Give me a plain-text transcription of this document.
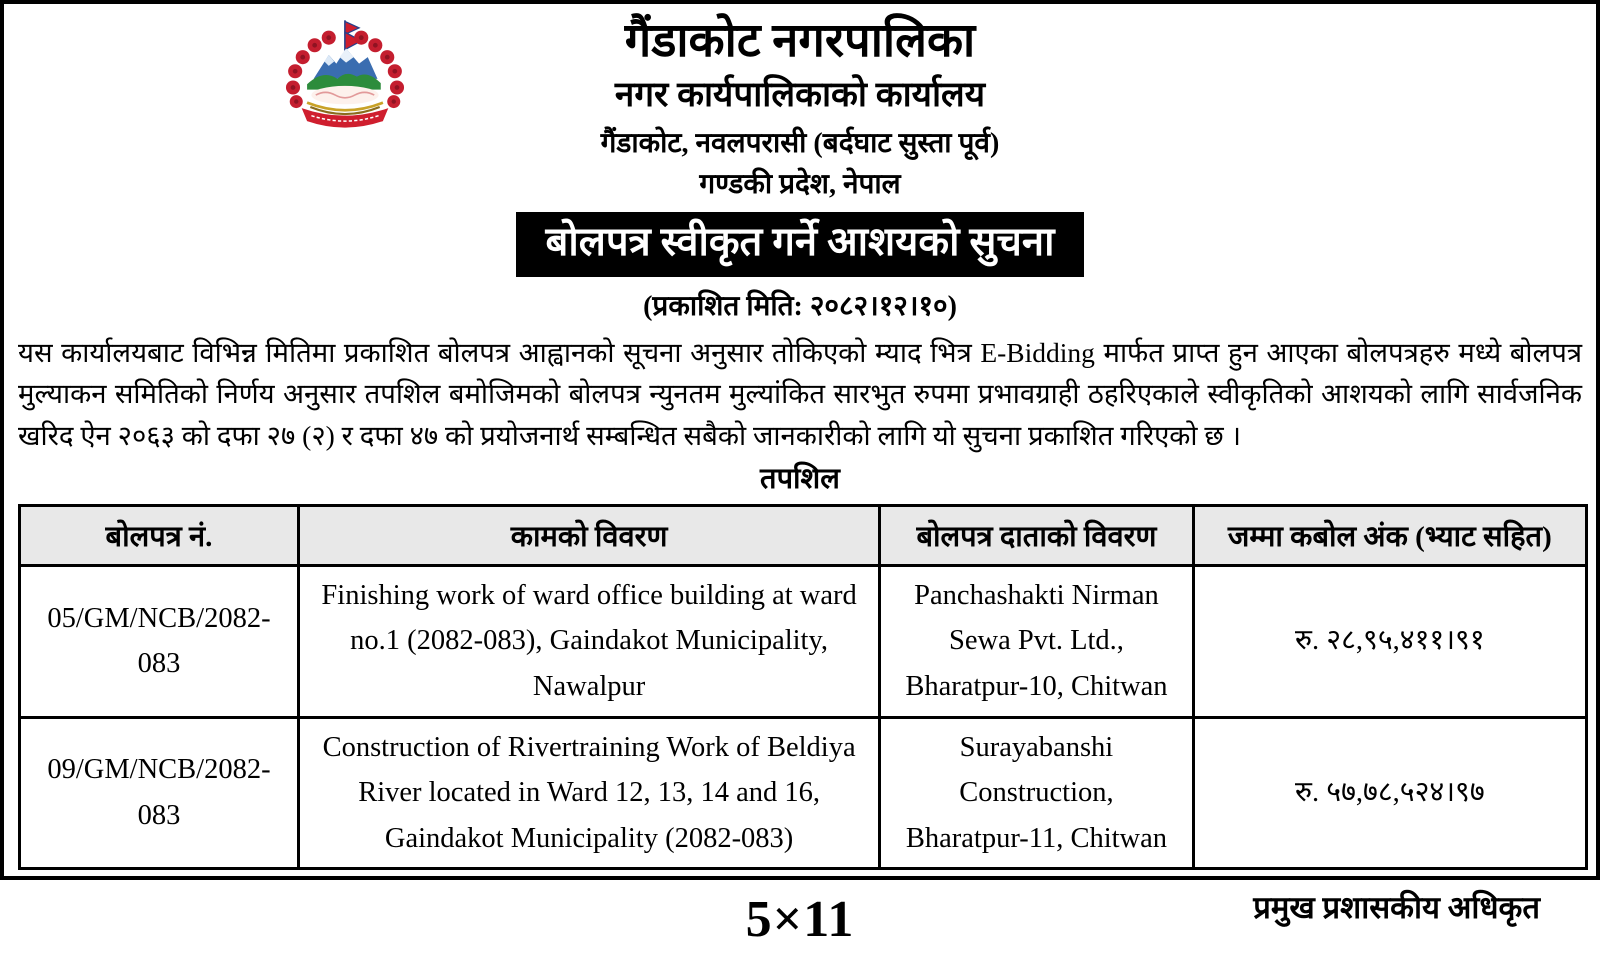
गैंडाकोट नगरपालिका
नगर कार्यपालिकाको कार्यालय
गैंडाकोट, नवलपरासी (बर्दघाट सुस्ता पूर्व)
गण्डकी प्रदेश, नेपाल
बोलपत्र स्वीकृत गर्ने आशयको सुचना
(प्रकाशित मिति: २०८२।१२।१०)

यस कार्यालयबाट विभिन्न मितिमा प्रकाशित बोलपत्र आह्वानको सूचना अनुसार तोकिएको म्याद भित्र E-Bidding मार्फत प्राप्त हुन आएका बोलपत्रहरु मध्ये बोलपत्र मुल्याकन समितिको निर्णय अनुसार तपशिल बमोजिमको बोलपत्र न्युनतम मुल्यांकित सारभुत रुपमा प्रभावग्राही ठहरिएकाले स्वीकृतिको आशयको लागि सार्वजनिक खरिद ऐन २०६३ को दफा २७ (२) र दफा ४७ को प्रयोजनार्थ सम्बन्धित सबैको जानकारीको लागि यो सुचना प्रकाशित गरिएको छ ।

तपशिल
बोलपत्र नं.	कामको विवरण	बोलपत्र दाताको विवरण	जम्मा कबोल अंक (भ्याट सहित)
05/GM/NCB/2082-083	Finishing work of ward office building at ward no.1 (2082-083), Gaindakot Municipality, Nawalpur	Panchashakti Nirman Sewa Pvt. Ltd., Bharatpur-10, Chitwan	रु. २८,९५,४११।९१
09/GM/NCB/2082-083	Construction of Rivertraining Work of Beldiya River located in Ward 12, 13, 14 and 16, Gaindakot Municipality (2082-083)	Surayabanshi Construction, Bharatpur-11, Chitwan	रु. ५७,७८,५२४।९७
प्रमुख प्रशासकीय अधिकृत
5×11
